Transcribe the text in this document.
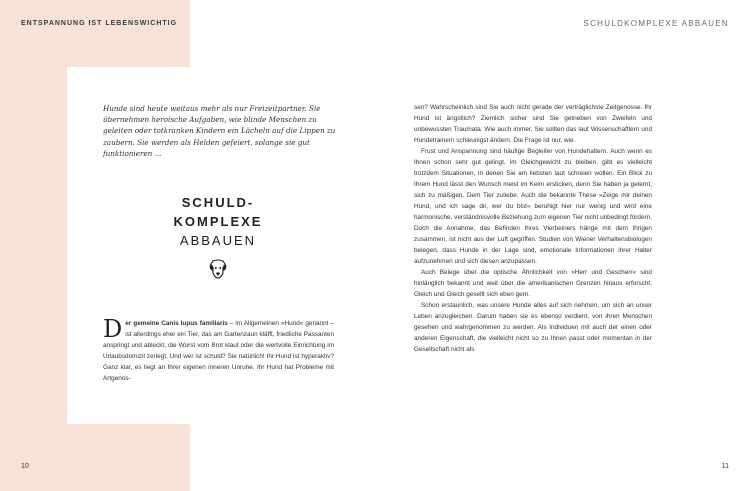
ENTSPANNUNG IST LEBENSWICHTIG	SCHULDKOMPLEXE ABBAUEN

Hunde sind heute weitaus mehr als nur Freizeitpartner. Sie übernehmen heroische Aufgaben, wie blinde Menschen zu geleiten oder totkranken Kindern ein Lächeln auf die Lippen zu zaubern. Sie werden als Helden gefeiert, solange sie gut funktionieren ...

SCHULD-
KOMPLEXE
ABBAUEN

Der gemeine Canis lupus familiaris – im Allgemeinen »Hund« genannt – ist allerdings eher ein Tier, das am Gartenzaun kläfft, friedliche Passanten anspringt und ableckt, die Wurst vom Brot klaut oder die wertvolle Einrichtung im Urlaubsdomizil zerlegt. Und wer ist schuld? Sie natürlich! Ihr Hund ist hyperaktiv? Ganz klar, es liegt an Ihrer eigenen inneren Unruhe. Ihr Hund hat Probleme mit Artgenos-

sen? Wahrscheinlich sind Sie auch nicht gerade der verträglichste Zeitgenosse. Ihr Hund ist ängstlich? Ziemlich sicher sind Sie getrieben von Zweifeln und unbewussten Traumata. Wie auch immer, Sie sollten das laut Wissenschaftlern und Hundetrainern schleunigst ändern. Die Frage ist nur, wie.

Frust und Anspannung sind häufige Begleiter von Hundehaltern. Auch wenn es Ihnen schon sehr gut gelingt, im Gleichgewicht zu bleiben, gibt es vielleicht trotzdem Situationen, in denen Sie am liebsten laut schreien wollen. Ein Blick zu Ihrem Hund lässt den Wunsch meist im Keim ersticken, denn Sie haben ja gelernt, sich zu mäßigen. Dem Tier zuliebe. Auch die bekannte These »Zeige mir deinen Hund, und ich sage dir, wer du bist« beruhigt hier nur wenig und wird eine harmonische, verständnisvolle Beziehung zum eigenen Tier nicht unbedingt fördern. Doch die Annahme, das Befinden Ihres Vierbeiners hänge mit dem Ihrigen zusammen, ist nicht aus der Luft gegriffen. Studien von Wiener Verhaltensbiologen belegen, dass Hunde in der Lage sind, emotionale Informationen ihrer Halter aufzunehmen und sich diesen anzupassen.

Auch Belege über die optische Ähnlichkeit von »Herr und Gescherr« sind hinlänglich bekannt und weit über die amerikanischen Grenzen hinaus erforscht. Gleich und Gleich gesellt sich eben gern.

Schon erstaunlich, was unsere Hunde alles auf sich nehmen, um sich an unser Leben anzugleichen. Darum haben sie es ebenso verdient, von ihren Menschen gesehen und wahrgenommen zu werden. Als Individuen mit auch der einen oder anderen Eigenschaft, die vielleicht nicht so zu Ihnen passt oder momentan in der Gesellschaft nicht als

10	11
